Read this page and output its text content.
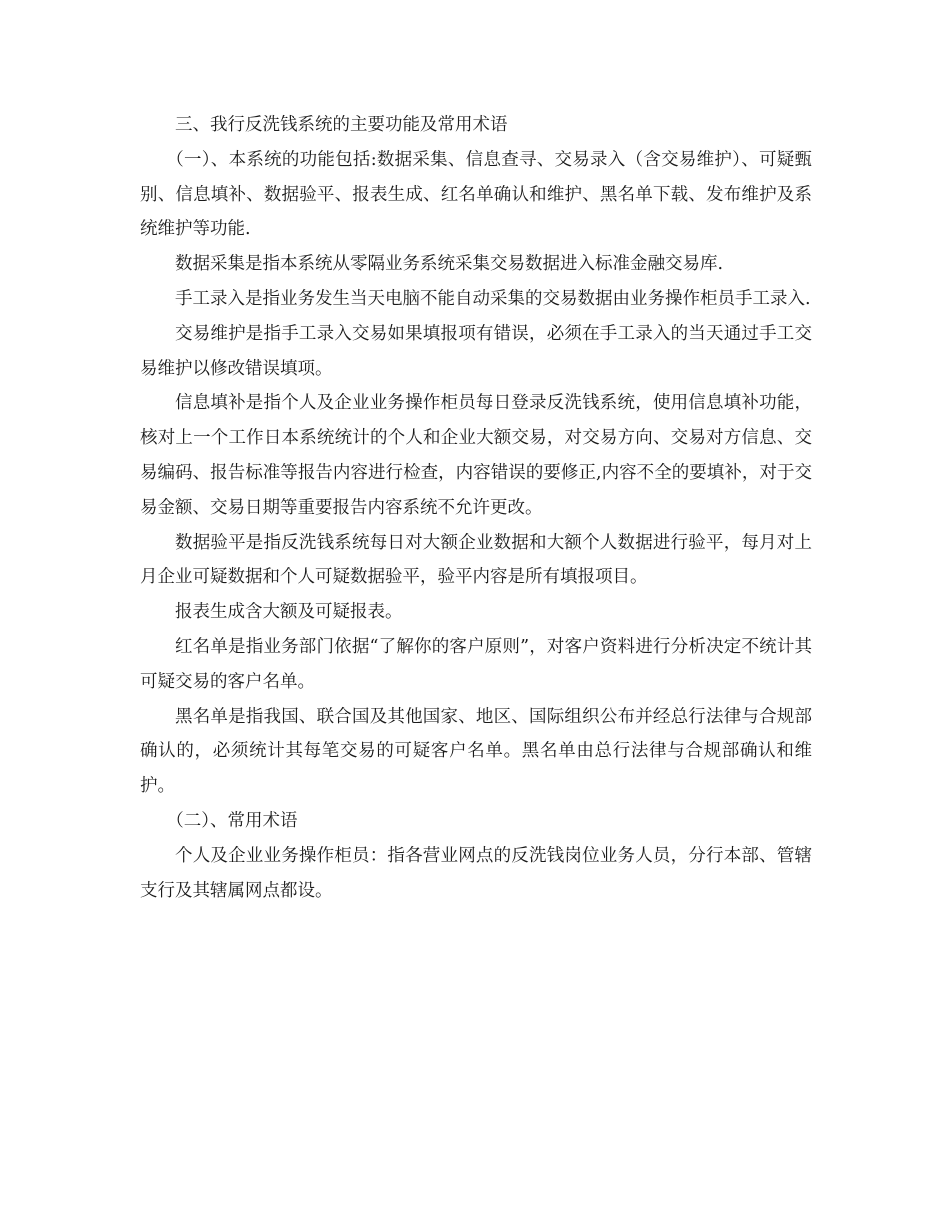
三、我行反洗钱系统的主要功能及常用术语

（一）、本系统的功能包括:数据采集、信息查寻、交易录入（含交易维护）、可疑甄别、信息填补、数据验平、报表生成、红名单确认和维护、黑名单下载、发布维护及系统维护等功能.

数据采集是指本系统从零隔业务系统采集交易数据进入标准金融交易库.

手工录入是指业务发生当天电脑不能自动采集的交易数据由业务操作柜员手工录入.

交易维护是指手工录入交易如果填报项有错误，必须在手工录入的当天通过手工交易维护以修改错误填项。

信息填补是指个人及企业业务操作柜员每日登录反洗钱系统，使用信息填补功能，核对上一个工作日本系统统计的个人和企业大额交易，对交易方向、交易对方信息、交易编码、报告标准等报告内容进行检查，内容错误的要修正,内容不全的要填补，对于交易金额、交易日期等重要报告内容系统不允许更改。

数据验平是指反洗钱系统每日对大额企业数据和大额个人数据进行验平，每月对上月企业可疑数据和个人可疑数据验平，验平内容是所有填报项目。

报表生成含大额及可疑报表。

红名单是指业务部门依据“了解你的客户原则”，对客户资料进行分析决定不统计其可疑交易的客户名单。

黑名单是指我国、联合国及其他国家、地区、国际组织公布并经总行法律与合规部确认的，必须统计其每笔交易的可疑客户名单。黑名单由总行法律与合规部确认和维护。

（二）、常用术语

个人及企业业务操作柜员：指各营业网点的反洗钱岗位业务人员，分行本部、管辖支行及其辖属网点都设。
